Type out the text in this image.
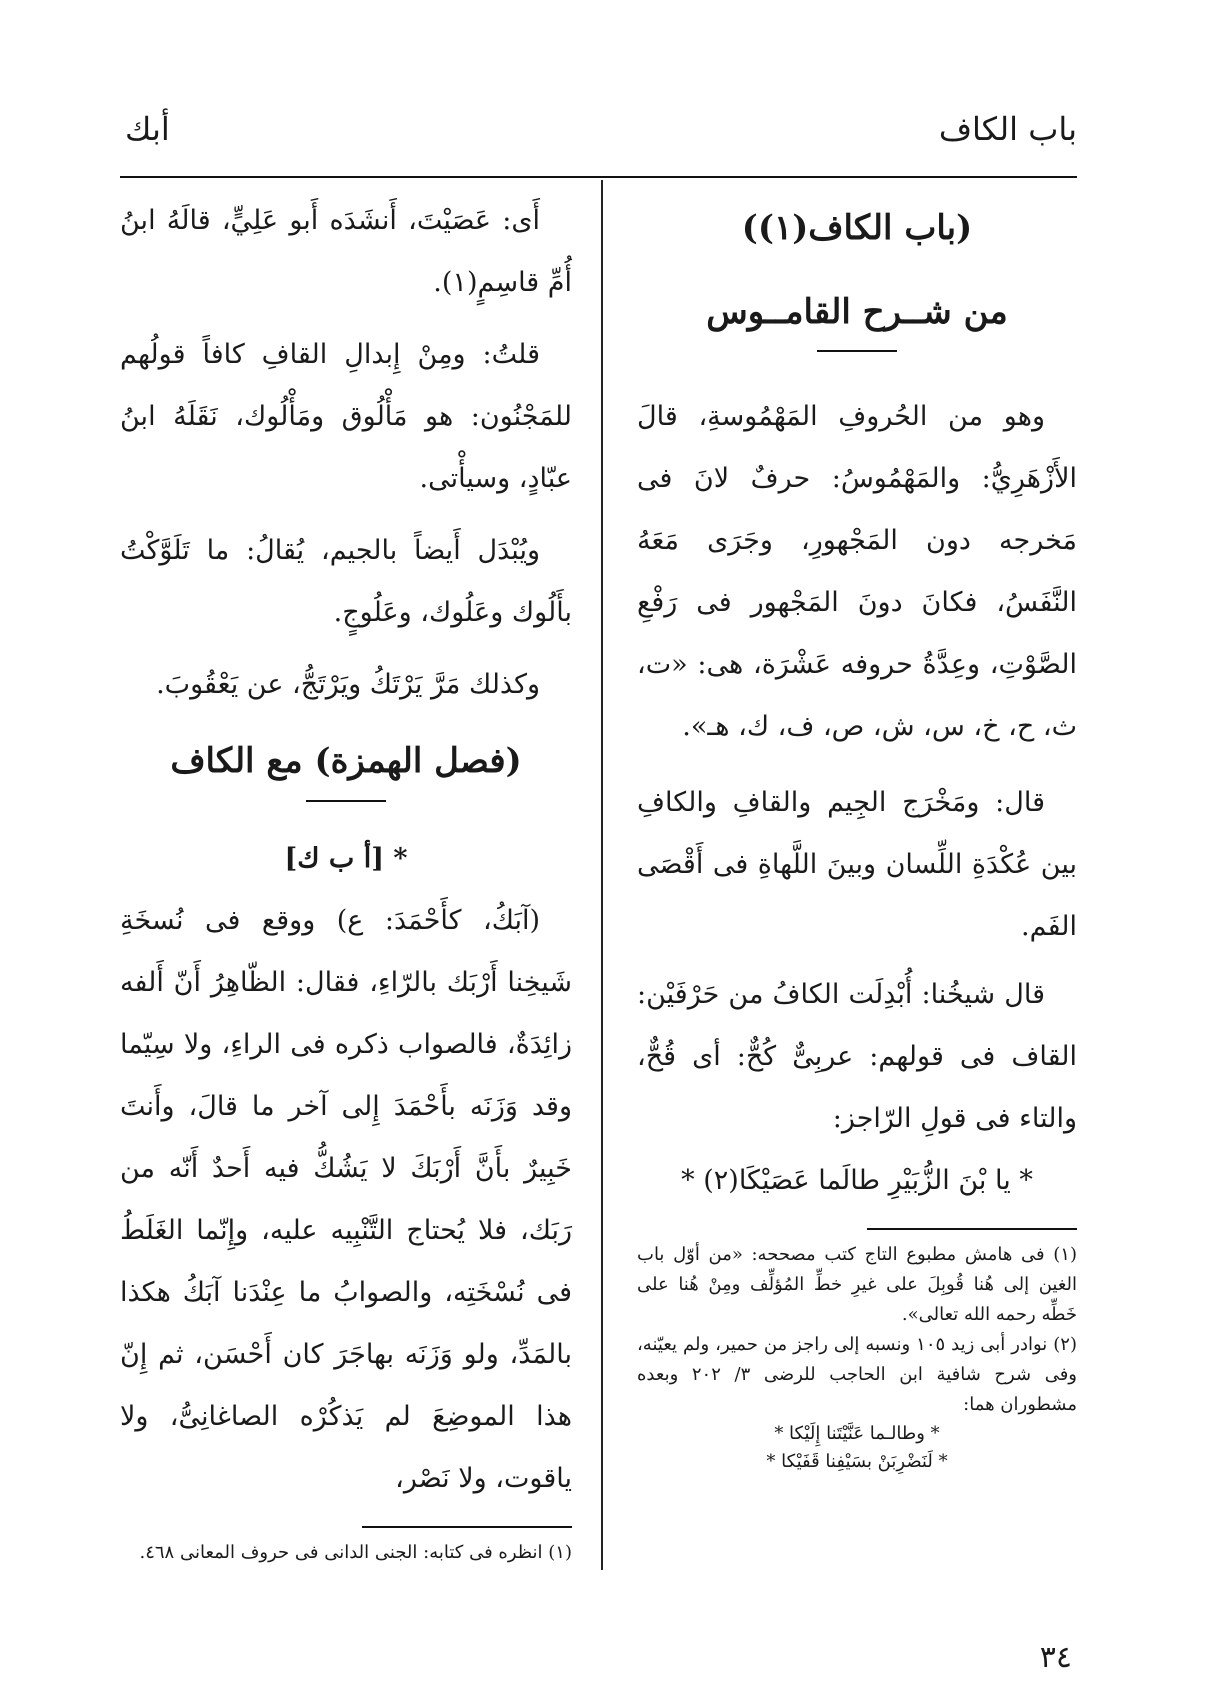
باب الكاف
أبك
(باب الكاف(١))
من شــرح القامــوس

وهو من الحُروفِ المَهْمُوسةِ، قالَ الأَزْهَرِيُّ: والمَهْمُوسُ: حرفٌ لانَ فى مَخرجه دون المَجْهورِ، وجَرَى مَعَهُ النَّفَسُ، فكانَ دونَ المَجْهور فى رَفْعِ الصَّوْتِ، وعِدَّةُ حروفه عَشْرَة، هى: «ت، ث، ح، خ، س، ش، ص، ف، ك، هـ».

قال: ومَخْرَج الجِيم والقافِ والكافِ بين عُكْدَةِ اللِّسان وبينَ اللَّهاةِ فى أَقْصَى الفَم.

قال شيخُنا: أُبْدِلَت الكافُ من حَرْفَيْن: القاف فى قولهم: عربِىٌّ كُحٌّ: أى قُحٌّ، والتاء فى قولِ الرّاجز:

* يا بْنَ الزُّبَيْرِ طالَما عَصَيْكَا(٢) *

(١) فى هامش مطبوع التاج كتب مصححه: «من أوّل باب الغين إلى هُنا قُوبِلَ على غيرِ خطِّ المُؤلِّف ومِنْ هُنا على خَطِّه رحمه الله تعالى».

(٢) نوادر أبى زيد ١٠٥ ونسبه إلى راجز من حمير، ولم يعيّنه، وفى شرح شافية ابن الحاجب للرضى ٣/ ٢٠٢ وبعده مشطوران هما:

* وطالـما عَنَّيْتَنا إِلَيْكا *

* لَنَضْرِبَنْ بسَيْفِنا قَفَيْكا *

أَى: عَصَيْتَ، أَنشَدَه أَبو عَلِيٍّ، قالَهُ ابنُ أُمِّ قاسِمٍ(١).

قلتُ: ومِنْ إِبدالِ القافِ كافاً قولُهم للمَجْنُون: هو مَأْلُوق ومَأْلُوك، نَقَلَهُ ابنُ عبّادٍ، وسيأْتى.

ويُبْدَل أَيضاً بالجيم، يُقالُ: ما تَلَوَّكْتُ بأَلُوك وعَلُوك، وعَلُوجٍ.

وكذلك مَرَّ يَرْتَكُ ويَرْتَجُّ، عن يَعْقُوبَ.

(فصل الهمزة) مع الكاف
* [أ ب ك]

(آبَكُ، كأَحْمَدَ: ع) ووقع فى نُسخَةِ شَيخِنا أَرْبَك بالرّاءِ، فقال: الظّاهِرُ أَنّ أَلفه زائِدَةٌ، فالصواب ذكره فى الراءِ، ولا سِيّما وقد وَزَنَه بأَحْمَدَ إِلى آخر ما قالَ، وأَنتَ خَبِيرٌ بأَنَّ أَرْبَكَ لا يَشُكُّ فيه أَحدٌ أَنّه من رَبَك، فلا يُحتاج التَّنْبِيه عليه، وإِنّما الغَلَطُ فى نُسْخَتِه، والصوابُ ما عِنْدَنا آبَكُ هكذا بالمَدِّ، ولو وَزَنَه بهاجَرَ كان أَحْسَن، ثم إِنّ هذا الموضِعَ لم يَذكُرْه الصاغانِىُّ، ولا ياقوت، ولا نَصْر،

(١) انظره فى كتابه: الجنى الدانى فى حروف المعانى ٤٦٨.

٣٤
